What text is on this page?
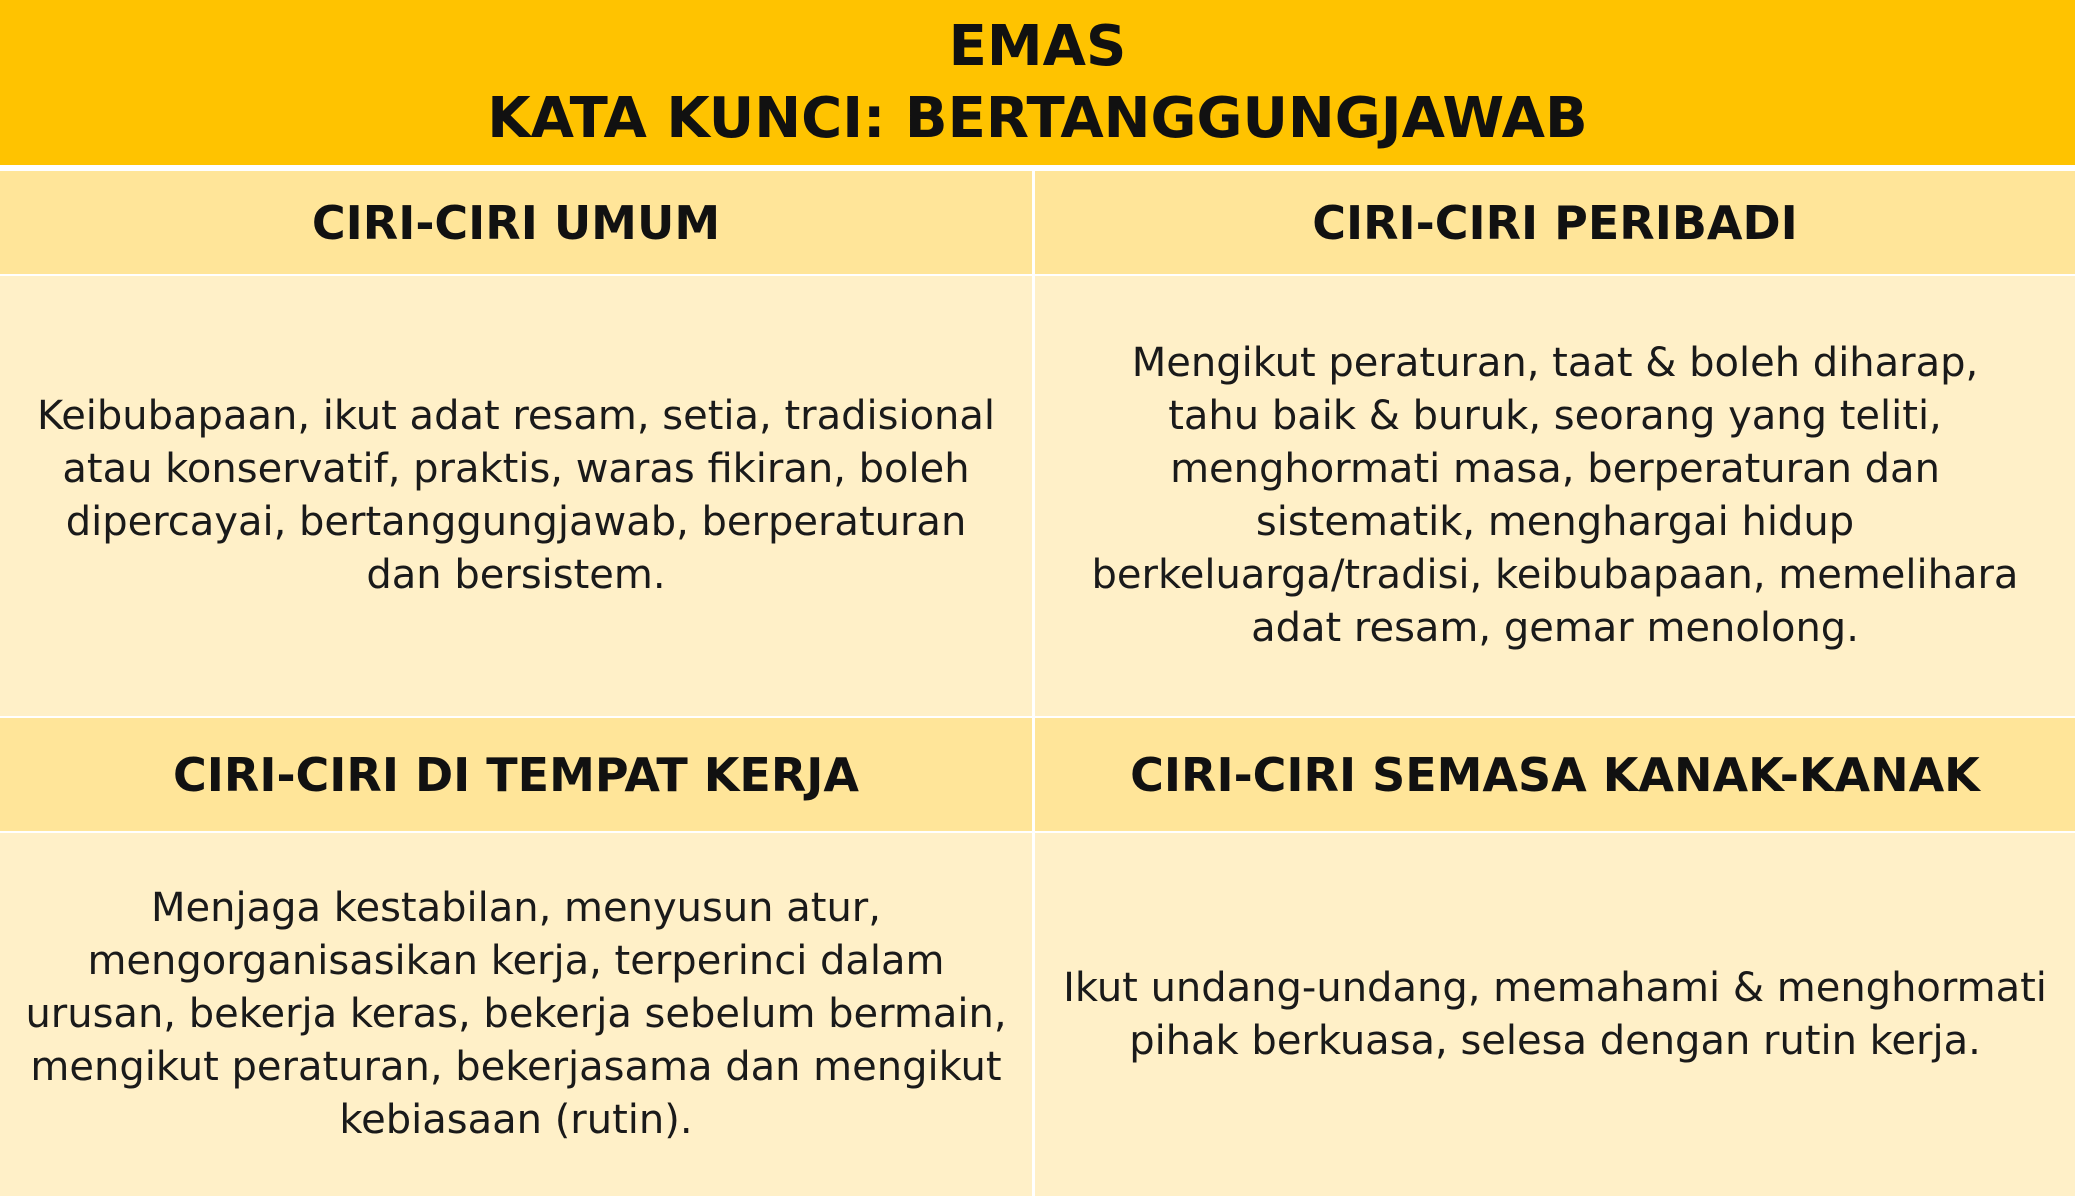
EMAS
KATA KUNCI: BERTANGGUNGJAWAB
CIRI-CIRI UMUM	CIRI-CIRI PERIBADI
Keibubapaan, ikut adat resam, setia, tradisional atau konservatif, praktis, waras fikiran, boleh dipercayai, bertanggungjawab, berperaturan dan bersistem.
Mengikut peraturan, taat & boleh diharap, tahu baik & buruk, seorang yang teliti, menghormati masa, berperaturan dan sistematik, menghargai hidup berkeluarga/tradisi, keibubapaan, memelihara adat resam, gemar menolong.
CIRI-CIRI DI TEMPAT KERJA	CIRI-CIRI SEMASA KANAK-KANAK
Menjaga kestabilan, menyusun atur, mengorganisasikan kerja, terperinci dalam urusan, bekerja keras, bekerja sebelum bermain, mengikut peraturan, bekerjasama dan mengikut kebiasaan (rutin).
Ikut undang-undang, memahami & menghormati pihak berkuasa, selesa dengan rutin kerja.
